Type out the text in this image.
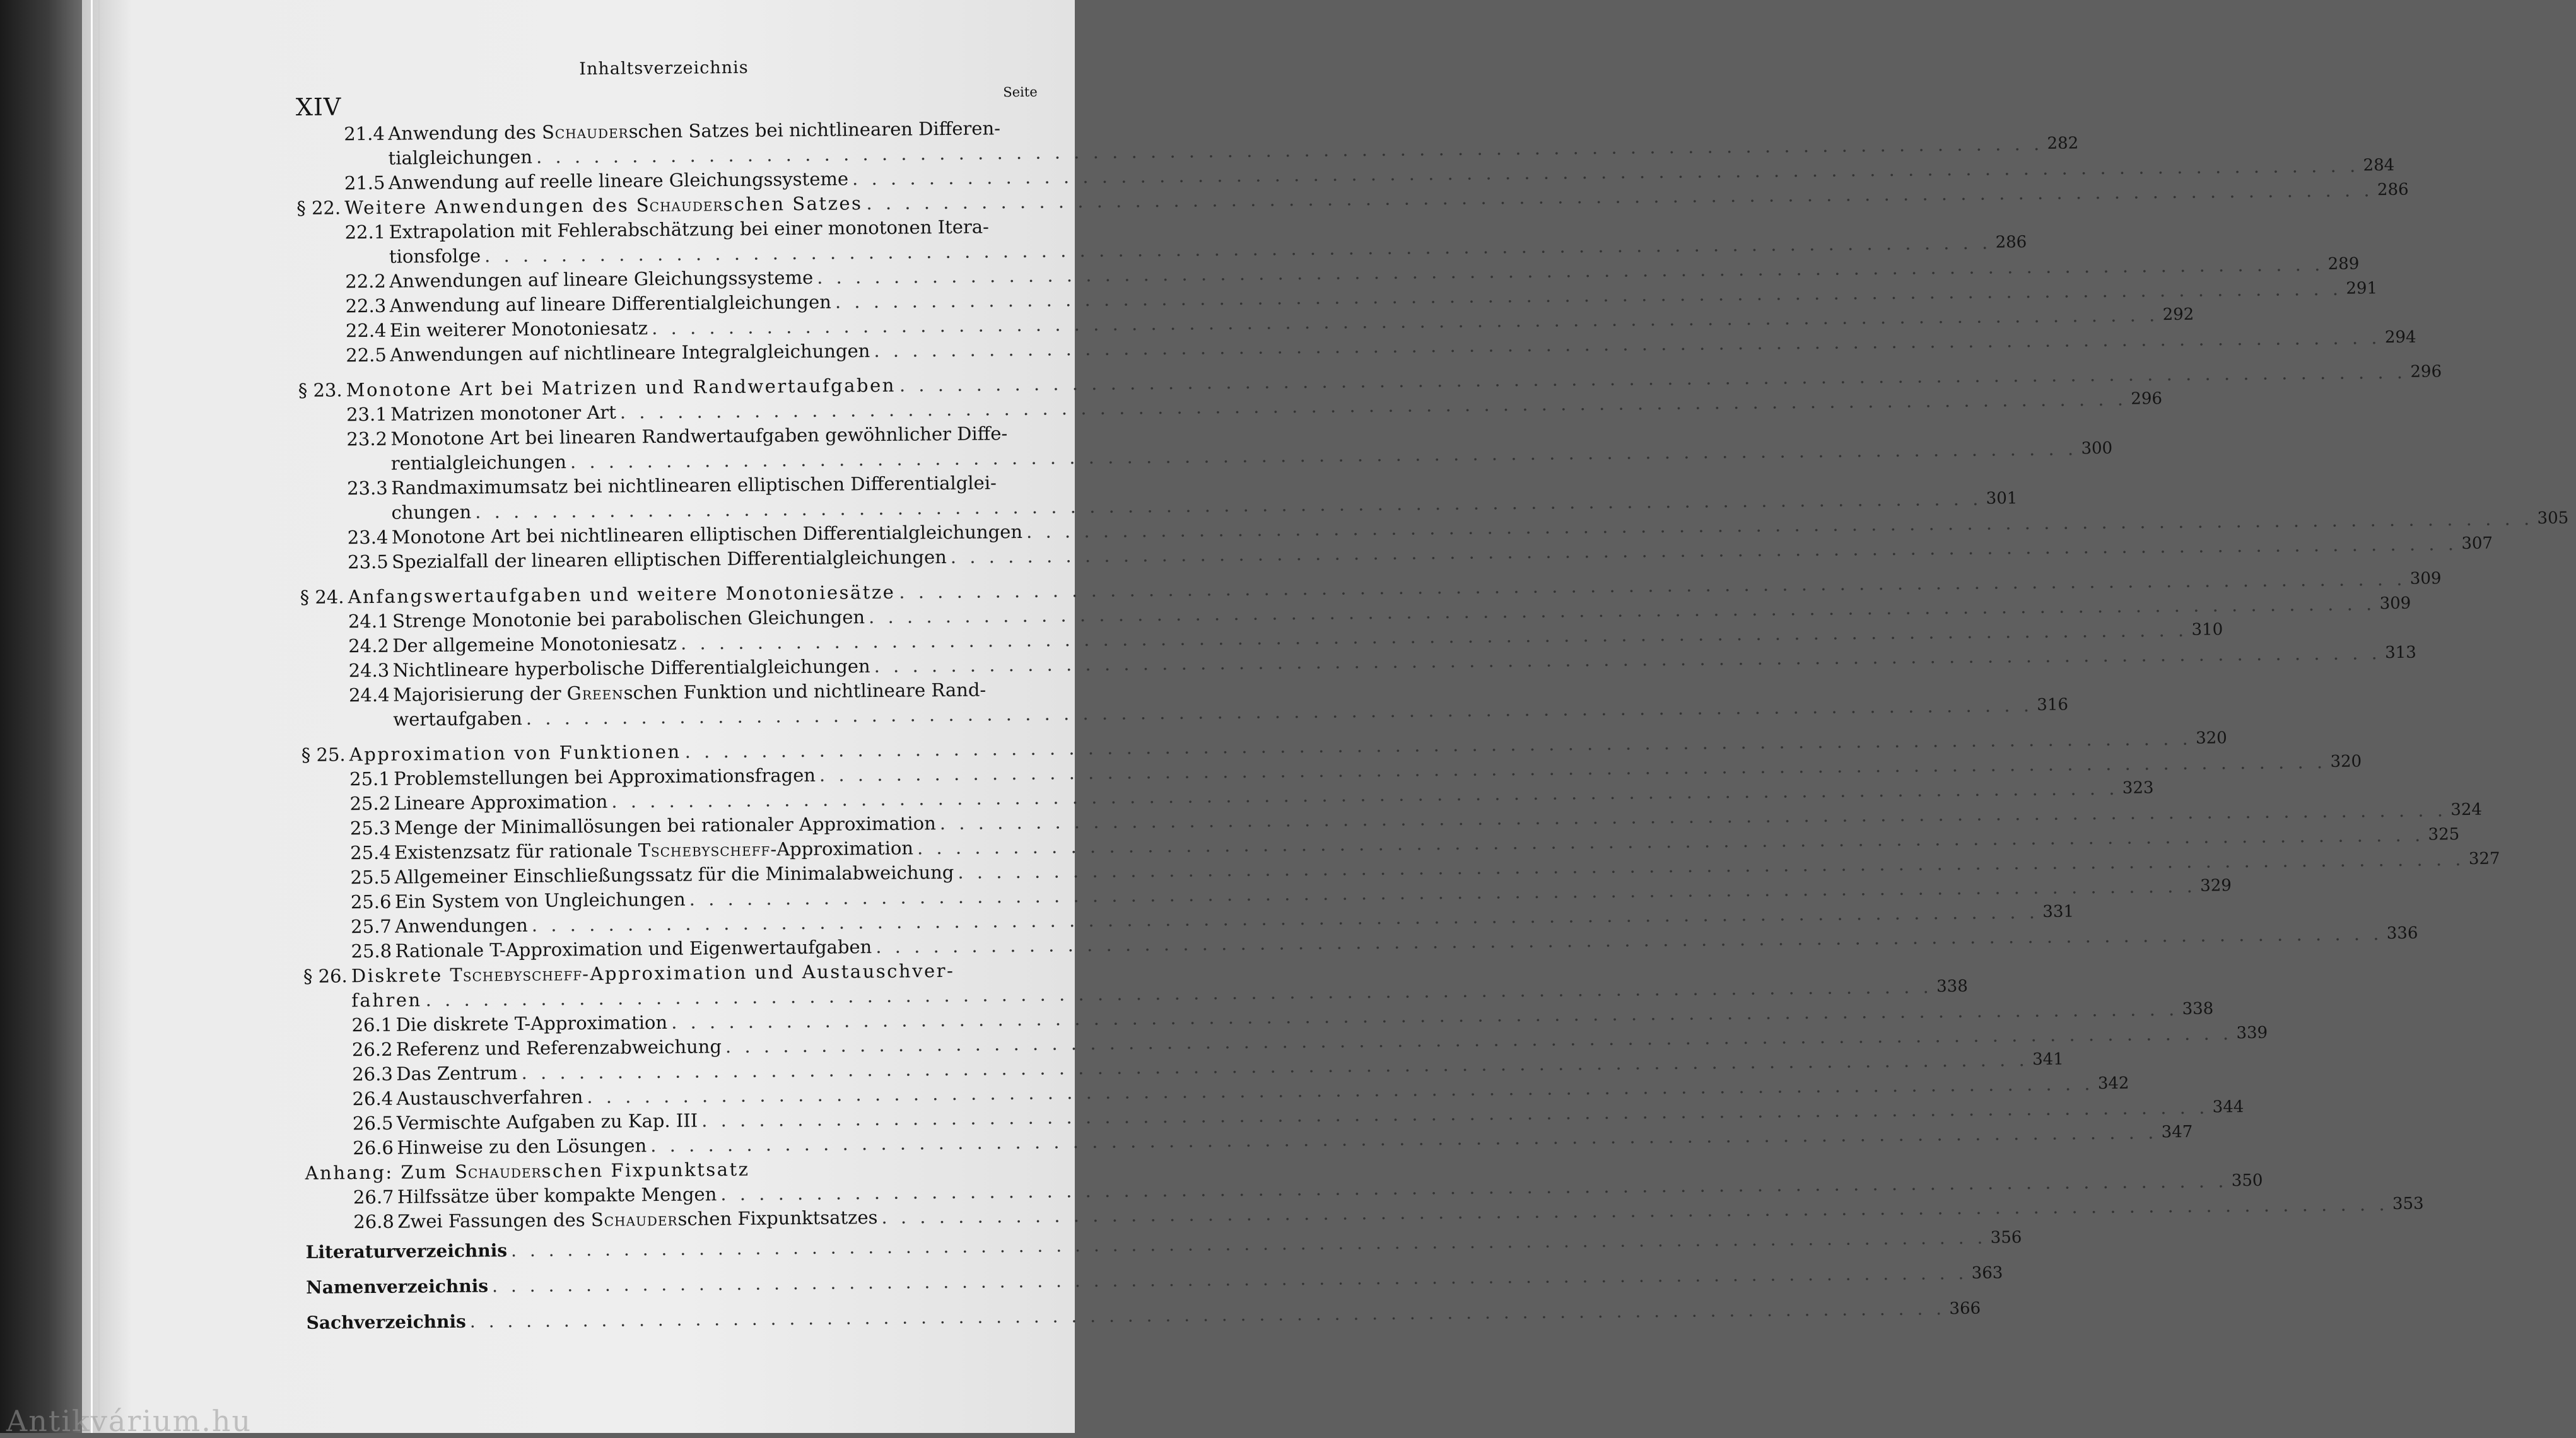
Inhaltsverzeichnis
XIV
Seite
21.4 Anwendung des Schauderschen Satzes bei nichtlinearen Differen-
tialgleichungen
. . .
282
21.5 Anwendung auf reelle lineare Gleichungssysteme
. . .
284
§ 22. Weitere Anwendungen des Schauderschen Satzes
. . .
286
22.1 Extrapolation mit Fehlerabschätzung bei einer monotonen Itera-
tionsfolge
. . .
286
22.2 Anwendungen auf lineare Gleichungssysteme
. . .
289
22.3 Anwendung auf lineare Differentialgleichungen
. . .
291
22.4 Ein weiterer Monotoniesatz
. . .
292
22.5 Anwendungen auf nichtlineare Integralgleichungen
. . .
294
§ 23. Monotone Art bei Matrizen und Randwertaufgaben
. . .
296
23.1 Matrizen monotoner Art
. . .
296
23.2 Monotone Art bei linearen Randwertaufgaben gewöhnlicher Diffe-
rentialgleichungen
. . .
300
23.3 Randmaximumsatz bei nichtlinearen elliptischen Differentialglei-
chungen
. . .
301
23.4 Monotone Art bei nichtlinearen elliptischen Differentialgleichungen
. . .
305
23.5 Spezialfall der linearen elliptischen Differentialgleichungen
. . .
307
§ 24. Anfangswertaufgaben und weitere Monotoniesätze
. . .
309
24.1 Strenge Monotonie bei parabolischen Gleichungen
. . .
309
24.2 Der allgemeine Monotoniesatz
. . .
310
24.3 Nichtlineare hyperbolische Differentialgleichungen
. . .
313
24.4 Majorisierung der Greenschen Funktion und nichtlineare Rand-
wertaufgaben
. . .
316
§ 25. Approximation von Funktionen
. . .
320
25.1 Problemstellungen bei Approximationsfragen
. . .
320
25.2 Lineare Approximation
. . .
323
25.3 Menge der Minimallösungen bei rationaler Approximation
. . .
324
25.4 Existenzsatz für rationale Tschebyscheff-Approximation
. . .
325
25.5 Allgemeiner Einschließungssatz für die Minimalabweichung
. . .
327
25.6 Ein System von Ungleichungen
. . .
329
25.7 Anwendungen
. . .
331
25.8 Rationale T-Approximation und Eigenwertaufgaben
. . .
336
§ 26. Diskrete Tschebyscheff-Approximation und Austauschver-
fahren
. . .
338
26.1 Die diskrete T-Approximation
. . .
338
26.2 Referenz und Referenzabweichung
. . .
339
26.3 Das Zentrum
. . .
341
26.4 Austauschverfahren
. . .
342
26.5 Vermischte Aufgaben zu Kap. III
. . .
344
26.6 Hinweise zu den Lösungen
. . .
347
Anhang: Zum Schauderschen Fixpunktsatz
26.7 Hilfssätze über kompakte Mengen
. . .
350
26.8 Zwei Fassungen des Schauderschen Fixpunktsatzes
. . .
353
Literaturverzeichnis
. . .
356
Namenverzeichnis
. . .
363
Sachverzeichnis
. . .
366
Antikvárium.hu
